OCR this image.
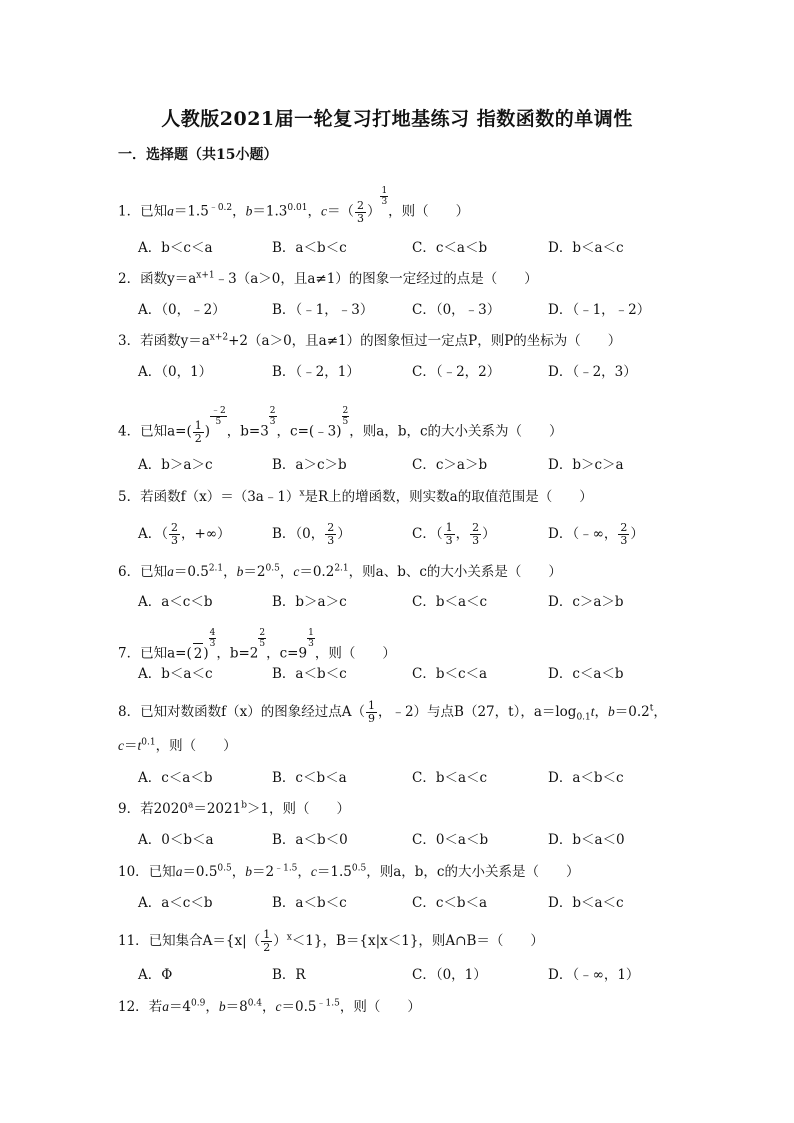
人教版2021届一轮复习打地基练习 指数函数的单调性
一．选择题（共15小题）
1．已知$a=1.5^{﹣0.2}$，$b=1.3^{0.01}$，$c=( \frac{2}{3}$ ）
$\frac{1}{3}$
，则（　　）
A．b＜c＜a	B．a＜b＜c	C．c＜a＜b	D．b＜a＜c
2．函数$y=a^{x+1}﹣3(a>0$，且a≠1）的图象一定经过的点是（　　）
A．（0，﹣2）	B．（﹣1，﹣3）	C．（0，﹣3）	D．（﹣1，﹣2）
3．若函数$y=a^{x+2}+2(a>0$，且a≠1）的图象恒过一定点P，则P的坐标为（　　）
A．（0，1）	B．（﹣2，1）	C．（﹣2，2）	D．（﹣2，3）
4．已知$a=( \frac{1}{2}$ )
$\frac{﹣2}{5}$
，b=3
$\frac{2}{3}$
，c=(﹣3)
$\frac{2}{5}$
，则a，b，c的大小关系为（　　）
A．b＞a＞c	B．a＞c＞b	C．c＞a＞b	D．b＞c＞a
5．若函数f（x）＝（3a﹣1）$^x$是R上的增函数，则实数a的取值范围是（　　）
A．（ $\frac{2}{3}$ ，+∞）	B．（0， $\frac{2}{3}$ ）	C．（ $\frac{1}{3}$ ， $\frac{2}{3}$ ）	D．（﹣∞， $\frac{2}{3}$ ）
6．已知$a=0.5^{2.1}$，$b=2^{0.5}$，$c=0.2^{2.1}$，则a、b、c的大小关系是（　　）
A．a＜c＜b	B．b＞a＞c	C．b＜a＜c	D．c＞a＞b
7．已知a=( 2)
$\frac{4}{3}$
，b=2
$\frac{2}{5}$
，c=9
$\frac{1}{3}$
，则（　　）
A．b＜a＜c	B．a＜b＜c	C．b＜c＜a	D．c＜a＜b
8．已知对数函数f（x）的图象经过点$A( \frac{1}{9}$ ，﹣2）与点B（27，t），$a=\log_{0.1}t$，$b=0.2^t$，
$c=t^{0.1}$，则（　　）
A．c＜a＜b	B．c＜b＜a	C．b＜a＜c	D．a＜b＜c
9．若$2020^a=2021^b>1$，则（　　）
A．0＜b＜a	B．a＜b＜0	C．0＜a＜b	D．b＜a＜0
10．已知$a=0.5^{0.5}$，$b=2^{﹣1.5}$，$c=1.5^{0.5}$，则a，b，c的大小关系是（　　）
A．a＜c＜b	B．a＜b＜c	C．c＜b＜a	D．b＜a＜c
11．已知集合$A=\{x|( \frac{1}{2} )^x<1\}$，B＝{x|x＜1}，则A∩B＝（　　）
A．Φ	B．R	C．（0，1）	D．（﹣∞，1）
12．若$a=4^{0.9}$，$b=8^{0.4}$，$c=0.5^{﹣1.5}$，则（　　）
